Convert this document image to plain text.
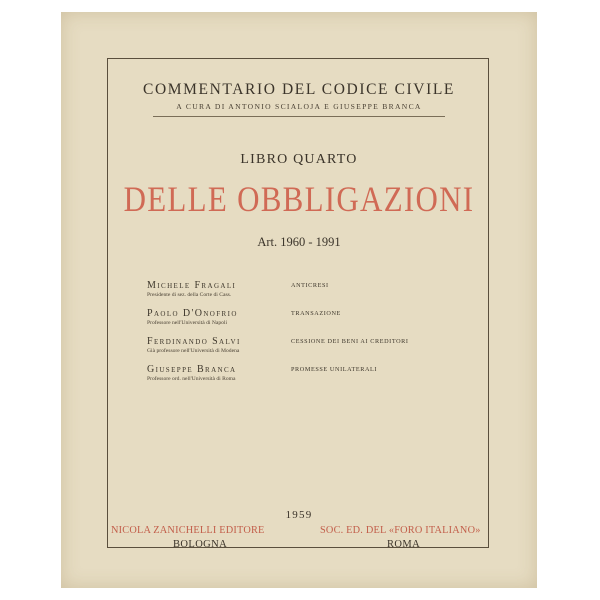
COMMENTARIO DEL CODICE CIVILE
A CURA DI ANTONIO SCIALOJA E GIUSEPPE BRANCA
LIBRO QUARTO
DELLE OBBLIGAZIONI
Art. 1960 - 1991
Michele Fragali
Presidente di sez. della Corte di Cass.
ANTICRESI
Paolo D'Onofrio
Professore nell'Università di Napoli
TRANSAZIONE
Ferdinando Salvi
Già professore nell'Università di Modena
CESSIONE DEI BENI AI CREDITORI
Giuseppe Branca
Professore ord. nell'Università di Roma
PROMESSE UNILATERALI
1959
NICOLA ZANICHELLI EDITORE	SOC. ED. DEL «FORO ITALIANO»
BOLOGNA	ROMA
